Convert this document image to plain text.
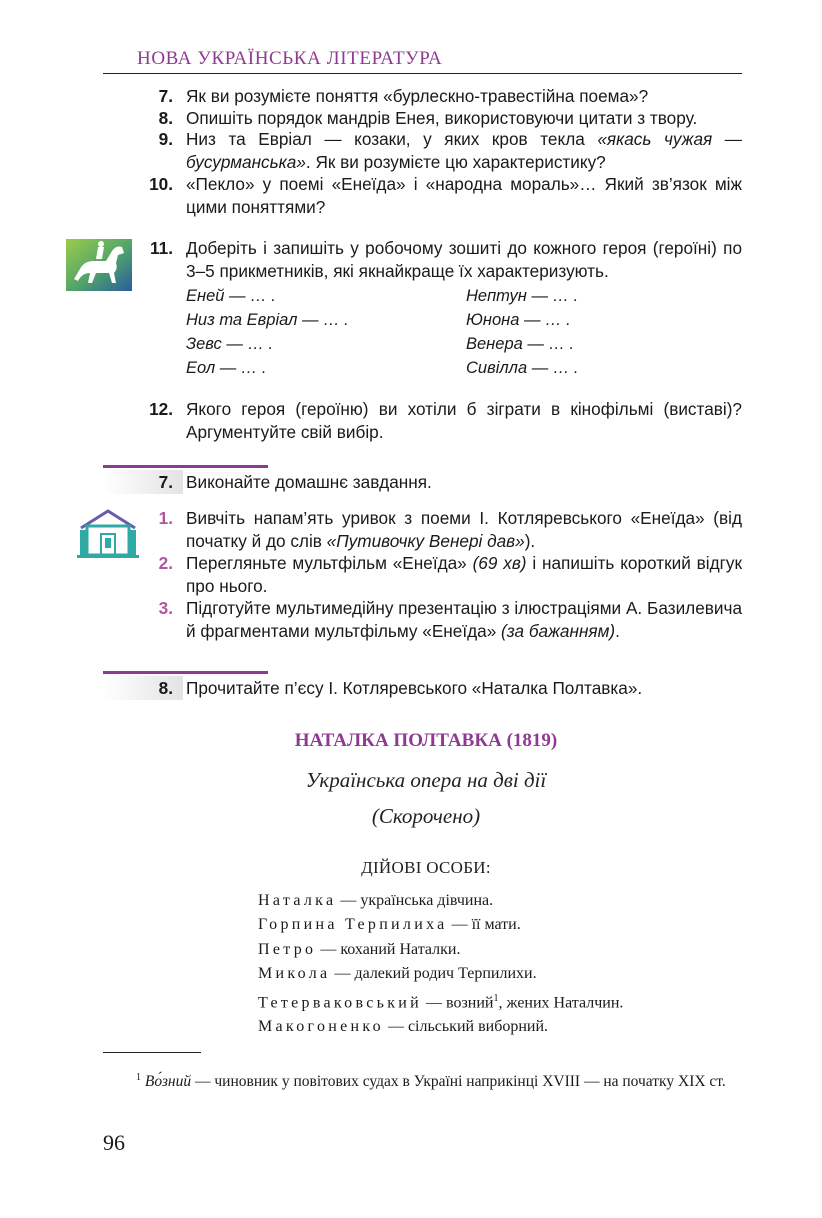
НОВА УКРАЇНСЬКА ЛІТЕРАТУРА
7. Як ви розумієте поняття «бурлескно-травестійна поема»?
8. Опишіть порядок мандрів Енея, використовуючи цитати з твору.
9. Низ та Евріал — козаки, у яких кров текла «якась чужая — бусурманська». Як ви розумієте цю характеристику?
10. «Пекло» у поемі «Енеїда» і «народна мораль»… Який зв’язок між цими поняттями?
11. Доберіть і запишіть у робочому зошиті до кожного героя (героїні) по 3–5 прикметників, які якнайкраще їх характеризують.
Еней — … .
Низ та Евріал — … .
Зевс — … .
Еол — … .
Нептун — … .
Юнона — … .
Венера — … .
Сивілла — … .
12. Якого героя (героїню) ви хотіли б зіграти в кінофільмі (виставі)? Аргументуйте свій вибір.
7. Виконайте домашнє завдання.
1. Вивчіть напам’ять уривок з поеми І. Котляревського «Енеїда» (від початку й до слів «Путивочку Венері дав»).
2. Перегляньте мультфільм «Енеїда» (69 хв) і напишіть короткий відгук про нього.
3. Підготуйте мультимедійну презентацію з ілюстраціями А. Базилевича й фрагментами мультфільму «Енеїда» (за бажанням).
8. Прочитайте п’єсу І. Котляревського «Наталка Полтавка».
НАТАЛКА ПОЛТАВКА (1819)
Українська опера на дві дії
(Скорочено)
ДІЙОВІ ОСОБИ:
Наталка — українська дівчина.
Горпина Терпилиха — її мати.
Петро — коханий Наталки.
Микола — далекий родич Терпилихи.
Тетерваковський — возний$^1$, жених Наталчин.
Макогоненко — сільський виборний.
$^1$ Во́зний — чиновник у повітових судах в Україні наприкінці XVIII — на початку XIX ст.
96
